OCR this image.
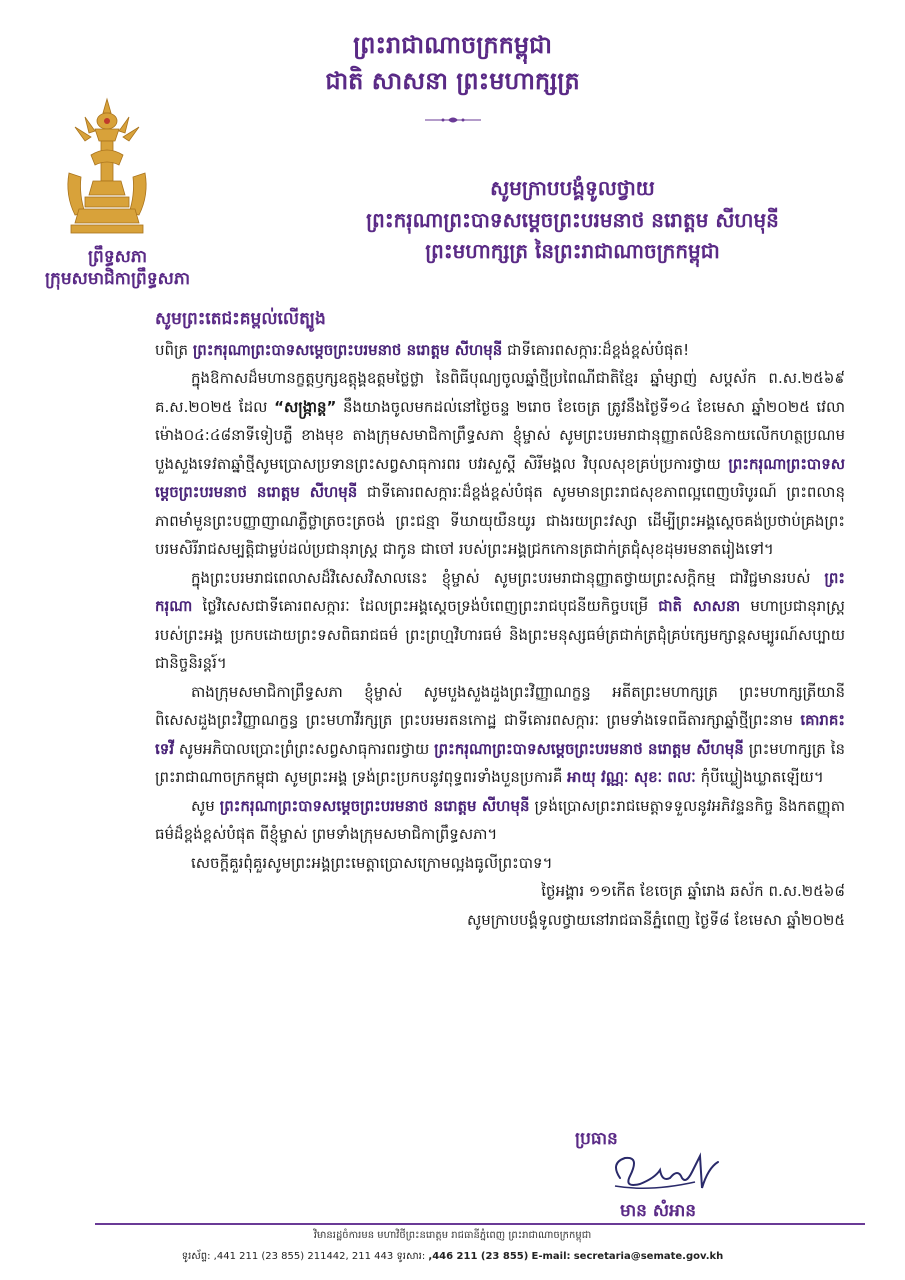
ព្រះរាជាណាចក្រកម្ពុជា
ជាតិ សាសនា ព្រះមហាក្សត្រ
ព្រឹទ្ធសភា
ក្រុមសមាជិកាព្រឹទ្ធសភា
សូមក្រាបបង្គំទូលថ្វាយ
ព្រះករុណាព្រះបាទសម្តេចព្រះបរមនាថ នរោត្តម សីហមុនី
ព្រះមហាក្សត្រ នៃព្រះរាជាណាចក្រកម្ពុជា

សូមព្រះតេជះគម្ពល់លើត្បូង

បពិត្រ ព្រះករុណាព្រះបាទសម្តេចព្រះបរមនាថ នរោត្តម សីហមុនី ជាទីគោរពសក្ការៈដ៏ខ្ពង់ខ្ពស់បំផុត!

ក្នុងឱកាសដ៏មហានក្ខត្តឫក្សឧត្តុង្គឧត្តមថ្លៃថ្លា នៃពិធីបុណ្យចូលឆ្នាំថ្មីប្រពៃណីជាតិខ្មែរ ឆ្នាំម្សាញ់ សប្តស័ក ព.ស.២៥៦៩ គ.ស.២០២៥ ដែល “សង្ក្រាន្ត” នឹងយាងចូលមកដល់នៅថ្ងៃចន្ទ ២រោច ខែចេត្រ ត្រូវនឹងថ្ងៃទី១៤ ខែមេសា ឆ្នាំ២០២៥ វេលាម៉ោង០៤:៤៨នាទីទៀបភ្លឺ ខាងមុខ តាងក្រុមសមាជិកាព្រឹទ្ធសភា ខ្ញុំម្ចាស់ សូមព្រះបរមរាជានុញ្ញាតលំឱនកាយលើកហត្ថប្រណមបួងសួងទេវតាឆ្នាំថ្មីសូមប្រោសប្រទានព្រះសព្វសាធុការពរ បវរសួស្តី សិរីមង្គល វិបុលសុខគ្រប់ប្រការថ្វាយ ព្រះករុណាព្រះបាទសម្តេចព្រះបរមនាថ នរោត្តម សីហមុនី ជាទីគោរពសក្ការៈដ៏ខ្ពង់ខ្ពស់បំផុត សូមមានព្រះរាជសុខភាពល្អពេញបរិបូរណ៍ ព្រះពលានុភាពមាំមួនព្រះបញ្ញាញាណភ្លឺថ្លាត្រចះត្រចង់ ព្រះជន្មា ទីឃាយុយឺនយូរ ជាងរយព្រះវស្សា ដើម្បីព្រះអង្គស្តេចគង់ប្រថាប់គ្រងព្រះបរមសិរីរាជសម្បត្តិជាម្លប់ដល់ប្រជានុរាស្ត្រ ជាកូន ជាចៅ របស់ព្រះអង្គជ្រកកោនត្រជាក់ត្រជុំសុខដុមរមនាតរៀងទៅ។

ក្នុងព្រះបរមរាជពេលាសដ៏វិសេសវិសាលនេះ ខ្ញុំម្ចាស់ សូមព្រះបរមរាជានុញ្ញាតថ្វាយព្រះសក្តិកម្ម ជាវិជ្ជមានរបស់ ព្រះករុណា ថ្លៃវិសេសជាទីគោរពសក្ការៈ ដែលព្រះអង្គស្តេចទ្រង់បំពេញព្រះរាជបុជនីយកិច្ចបម្រើ ជាតិ សាសនា មហាប្រជានុរាស្ត្ររបស់ព្រះអង្គ ប្រកបដោយព្រះទសពិធរាជធម៌ ព្រះព្រហ្មវិហារធម៌ និងព្រះមនុស្សធម៌ត្រជាក់ត្រជុំគ្រប់ក្សេមក្សាន្តសម្បូរណ៍សប្បាយជានិច្ចនិរន្តរ៍។

តាងក្រុមសមាជិកាព្រឹទ្ធសភា ខ្ញុំម្ចាស់ សូមបួងសួងដួងព្រះវិញ្ញាណក្ខន្ធ អតីតព្រះមហាក្សត្រ ព្រះមហាក្សត្រីយានី ពិសេសដួងព្រះវិញ្ញាណក្ខន្ធ ព្រះមហាវីរក្សត្រ ព្រះបរមរតនកោដ្ឋ ជាទីគោរពសក្ការៈ ព្រមទាំងទេពធីតារក្សាឆ្នាំថ្មីព្រះនាម គោរាគះទេវី សូមអភិបាលប្រោះព្រំព្រះសព្វសាធុការពរថ្វាយ ព្រះករុណាព្រះបាទសម្តេចព្រះបរមនាថ នរោត្តម សីហមុនី ព្រះមហាក្សត្រ នៃព្រះរាជាណាចក្រកម្ពុជា សូមព្រះអង្គ ទ្រង់ព្រះប្រកបនូវពុទ្ធពរទាំងបួនប្រការគឺ អាយុ វណ្ណៈ សុខៈ ពលៈ កុំបីឃ្លៀងឃ្លាតឡើយ។

សូម ព្រះករុណាព្រះបាទសម្តេចព្រះបរមនាថ នរោត្តម សីហមុនី ទ្រង់ប្រោសព្រះរាជមេត្តាទទួលនូវអភិវន្ទនកិច្ច និងកតញ្ញុតាធម៌ដ៏ខ្ពង់ខ្ពស់បំផុត ពីខ្ញុំម្ចាស់ ព្រមទាំងក្រុមសមាជិកាព្រឹទ្ធសភា។

សេចក្តីគួរពុំគួរសូមព្រះអង្គព្រះមេត្តាប្រោសក្រោមល្អងធូលីព្រះបាទ។

ថ្ងៃអង្គារ ១១កើត ខែចេត្រ ឆ្នាំរោង ឆស័ក ព.ស.២៥៦៨

សូមក្រាបបង្គំទូលថ្វាយនៅរាជធានីភ្នំពេញ ថ្ងៃទី៨ ខែមេសា ឆ្នាំ២០២៥

ប្រធាន
មាន សំអាន
វិមានរដ្ឋចំការមន មហាវិថីព្រះនរោត្តម រាជធានីភ្នំពេញ ព្រះរាជាណាចក្រកម្ពុជា
ទូរស័ព្ទ: ,441 211 (23 855) 211442, 211 443 ទូរសារ: ,446 211 (23 855) E-mail: secretaria@semate.gov.kh
